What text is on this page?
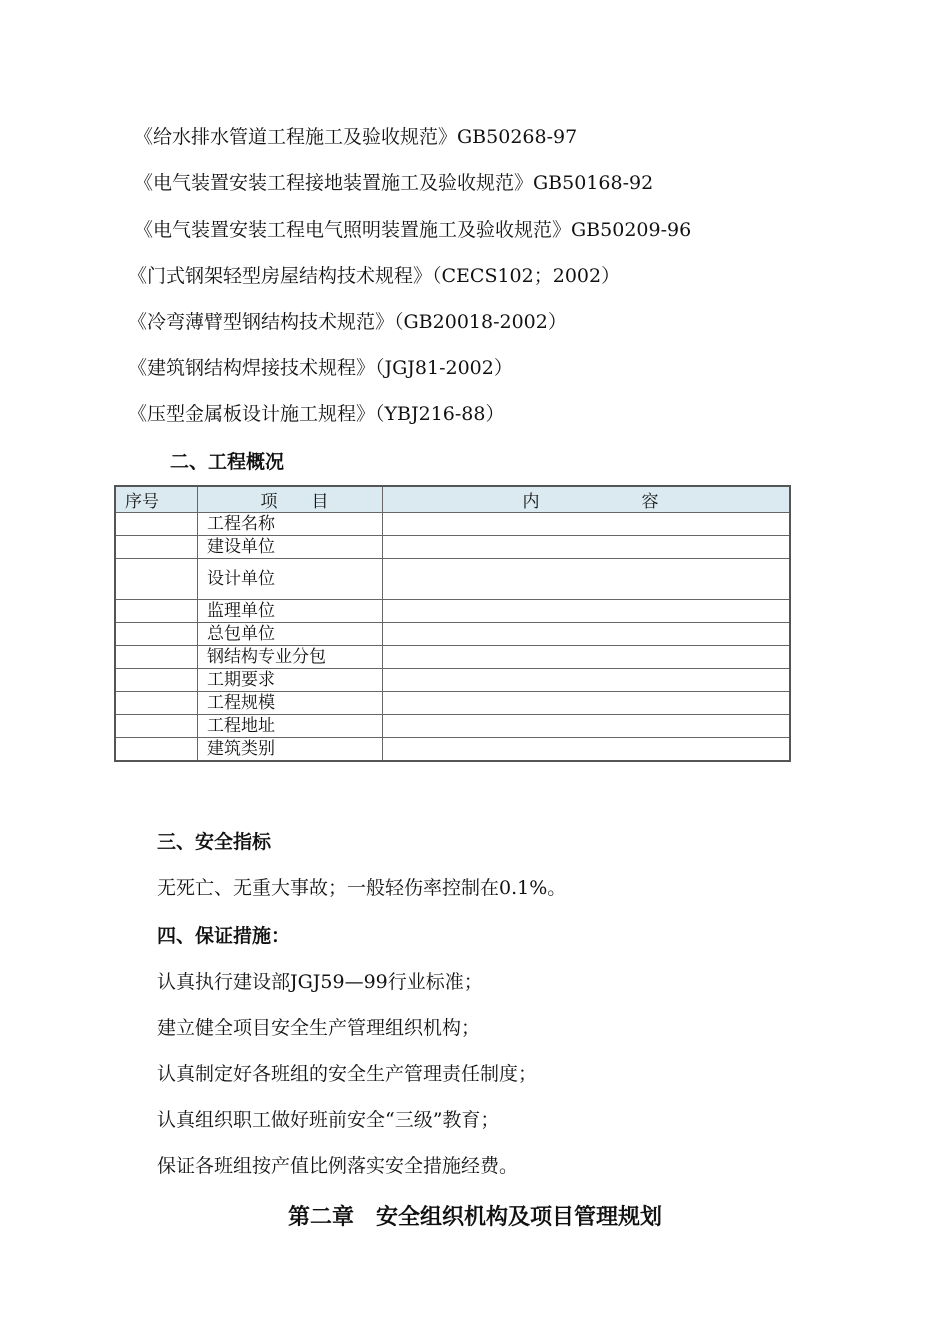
《给水排水管道工程施工及验收规范》GB50268-97
《电气装置安装工程接地装置施工及验收规范》GB50168-92
《电气装置安装工程电气照明装置施工及验收规范》GB50209-96
《门式钢架轻型房屋结构技术规程》（CECS102；2002）
《冷弯薄臂型钢结构技术规范》（GB20018-2002）
《建筑钢结构焊接技术规程》（JGJ81-2002）
《压型金属板设计施工规程》（YBJ216-88）
二、工程概况
序号	项　　目	内　　　　　　容
	工程名称	
	建设单位	
	设计单位	
	监理单位	
	总包单位	
	钢结构专业分包	
	工期要求	
	工程规模	
	工程地址	
	建筑类别	
三、安全指标
无死亡、无重大事故；一般轻伤率控制在0.1%。
四、保证措施：
认真执行建设部JGJ59—99行业标准；
建立健全项目安全生产管理组织机构；
认真制定好各班组的安全生产管理责任制度；
认真组织职工做好班前安全“三级”教育；
保证各班组按产值比例落实安全措施经费。
第二章　安全组织机构及项目管理规划
